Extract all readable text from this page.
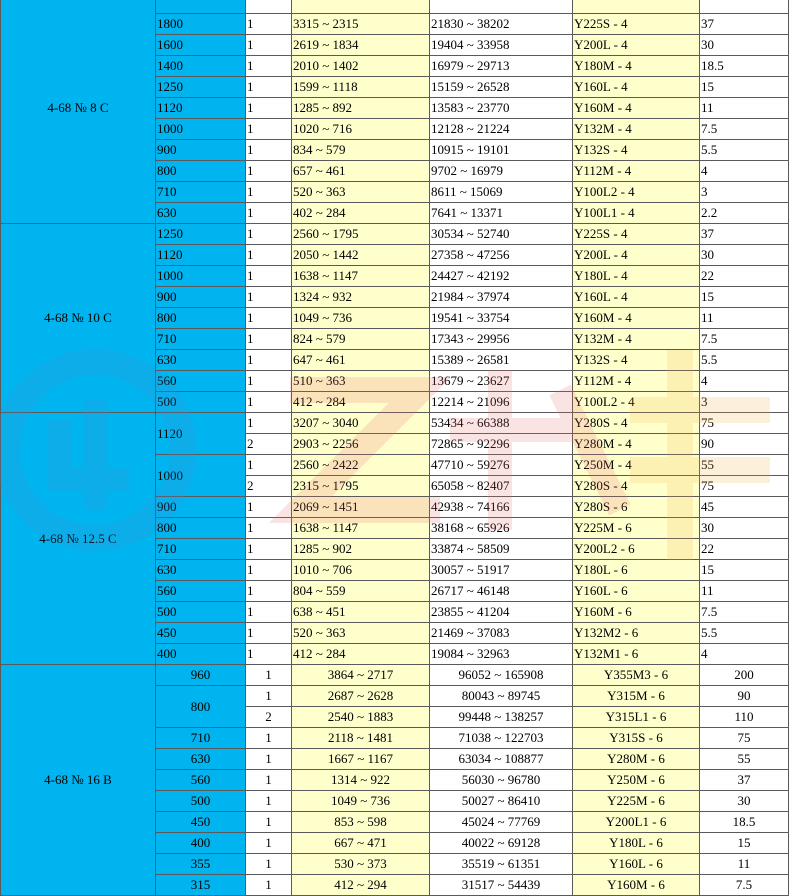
4-68 № 8 C						
	1800	1	3315 ~ 2315	21830 ~ 38202	Y225S - 4	37
	1600	1	2619 ~ 1834	19404 ~ 33958	Y200L - 4	30
	1400	1	2010 ~ 1402	16979 ~ 29713	Y180M - 4	18.5
	1250	1	1599 ~ 1118	15159 ~ 26528	Y160L - 4	15
	1120	1	1285 ~ 892	13583 ~ 23770	Y160M - 4	11
	1000	1	1020 ~ 716	12128 ~ 21224	Y132M - 4	7.5
	900	1	834 ~ 579	10915 ~ 19101	Y132S - 4	5.5
	800	1	657 ~ 461	9702 ~ 16979	Y112M - 4	4
	710	1	520 ~ 363	8611 ~ 15069	Y100L2 - 4	3
	630	1	402 ~ 284	7641 ~ 13371	Y100L1 - 4	2.2
4-68 № 10 C	1250	1	2560 ~ 1795	30534 ~ 52740	Y225S - 4	37
	1120	1	2050 ~ 1442	27358 ~ 47256	Y200L - 4	30
	1000	1	1638 ~ 1147	24427 ~ 42192	Y180L - 4	22
	900	1	1324 ~ 932	21984 ~ 37974	Y160L - 4	15
	800	1	1049 ~ 736	19541 ~ 33754	Y160M - 4	11
	710	1	824 ~ 579	17343 ~ 29956	Y132M - 4	7.5
	630	1	647 ~ 461	15389 ~ 26581	Y132S - 4	5.5
	560	1	510 ~ 363	13679 ~ 23627	Y112M - 4	4
	500	1	412 ~ 284	12214 ~ 21096	Y100L2 - 4	3
4-68 № 12.5 C	1120	1	3207 ~ 3040	53434 ~ 66388	Y280S - 4	75
		2	2903 ~ 2256	72865 ~ 92296	Y280M - 4	90
	1000	1	2560 ~ 2422	47710 ~ 59276	Y250M - 4	55
		2	2315 ~ 1795	65058 ~ 82407	Y280S - 4	75
	900	1	2069 ~ 1451	42938 ~ 74166	Y280S - 6	45
	800	1	1638 ~ 1147	38168 ~ 65926	Y225M - 6	30
	710	1	1285 ~ 902	33874 ~ 58509	Y200L2 - 6	22
	630	1	1010 ~ 706	30057 ~ 51917	Y180L - 6	15
	560	1	804 ~ 559	26717 ~ 46148	Y160L - 6	11
	500	1	638 ~ 451	23855 ~ 41204	Y160M - 6	7.5
	450	1	520 ~ 363	21469 ~ 37083	Y132M2 - 6	5.5
	400	1	412 ~ 284	19084 ~ 32963	Y132M1 - 6	4
4-68 № 16 B	960	1	3864 ~ 2717	96052 ~ 165908	Y355M3 - 6	200
	800	1	2687 ~ 2628	80043 ~ 89745	Y315M - 6	90
		2	2540 ~ 1883	99448 ~ 138257	Y315L1 - 6	110
	710	1	2118 ~ 1481	71038 ~ 122703	Y315S - 6	75
	630	1	1667 ~ 1167	63034 ~ 108877	Y280M - 6	55
	560	1	1314 ~ 922	56030 ~ 96780	Y250M - 6	37
	500	1	1049 ~ 736	50027 ~ 86410	Y225M - 6	30
	450	1	853 ~ 598	45024 ~ 77769	Y200L1 - 6	18.5
	400	1	667 ~ 471	40022 ~ 69128	Y180L - 6	15
	355	1	530 ~ 373	35519 ~ 61351	Y160L - 6	11
	315	1	412 ~ 294	31517 ~ 54439	Y160M - 6	7.5
